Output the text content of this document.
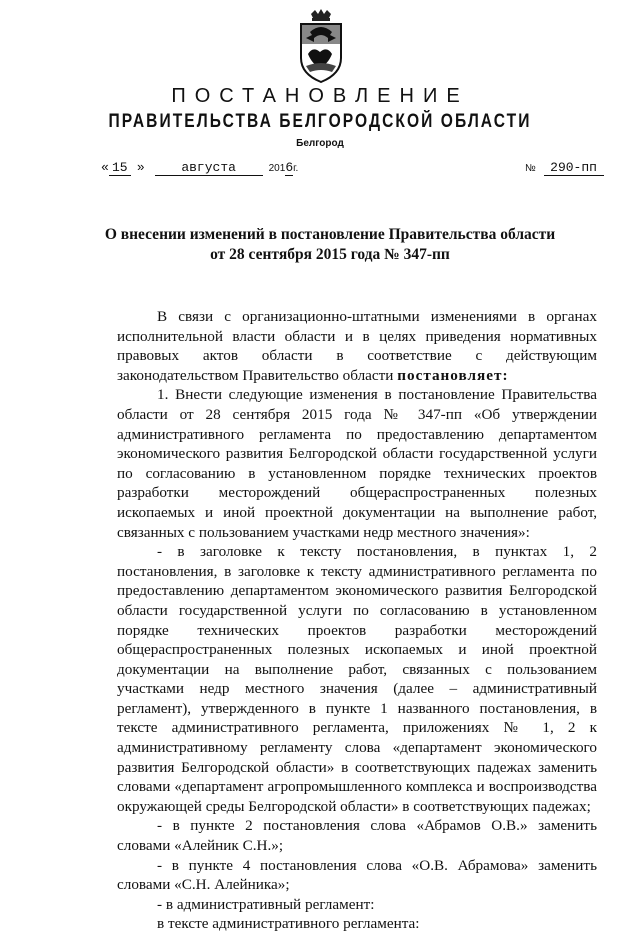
ПОСТАНОВЛЕНИЕ
ПРАВИТЕЛЬСТВА БЕЛГОРОДСКОЙ ОБЛАСТИ
Белгород
« 15 »	августа	2016г.	№ 290-пп
О внесении изменений в постановление Правительства области
от 28 сентября 2015 года № 347-пп

В связи с организационно-штатными изменениями в органах исполнительной власти области и в целях приведения нормативных правовых актов области в соответствие с действующим законодательством Правительство области постановляет:

1. Внести следующие изменения в постановление Правительства области от 28 сентября 2015 года № 347-пп «Об утверждении административного регламента по предоставлению департаментом экономического развития Белгородской области государственной услуги по согласованию в установленном порядке технических проектов разработки месторождений общераспространенных полезных ископаемых и иной проектной документации на выполнение работ, связанных с пользованием участками недр местного значения»:

- в заголовке к тексту постановления, в пунктах 1, 2 постановления, в заголовке к тексту административного регламента по предоставлению департаментом экономического развития Белгородской области государственной услуги по согласованию в установленном порядке технических проектов разработки месторождений общераспространенных полезных ископаемых и иной проектной документации на выполнение работ, связанных с пользованием участками недр местного значения (далее – административный регламент), утвержденного в пункте 1 названного постановления, в тексте административного регламента, приложениях № 1, 2 к административному регламенту слова «департамент экономического развития Белгородской области» в соответствующих падежах заменить словами «департамент агропромышленного комплекса и воспроизводства окружающей среды Белгородской области» в соответствующих падежах;

- в пункте 2 постановления слова «Абрамов О.В.» заменить словами «Алейник С.Н.»;

- в пункте 4 постановления слова «О.В. Абрамова» заменить словами «С.Н. Алейника»;

- в административный регламент:

в тексте административного регламента:
